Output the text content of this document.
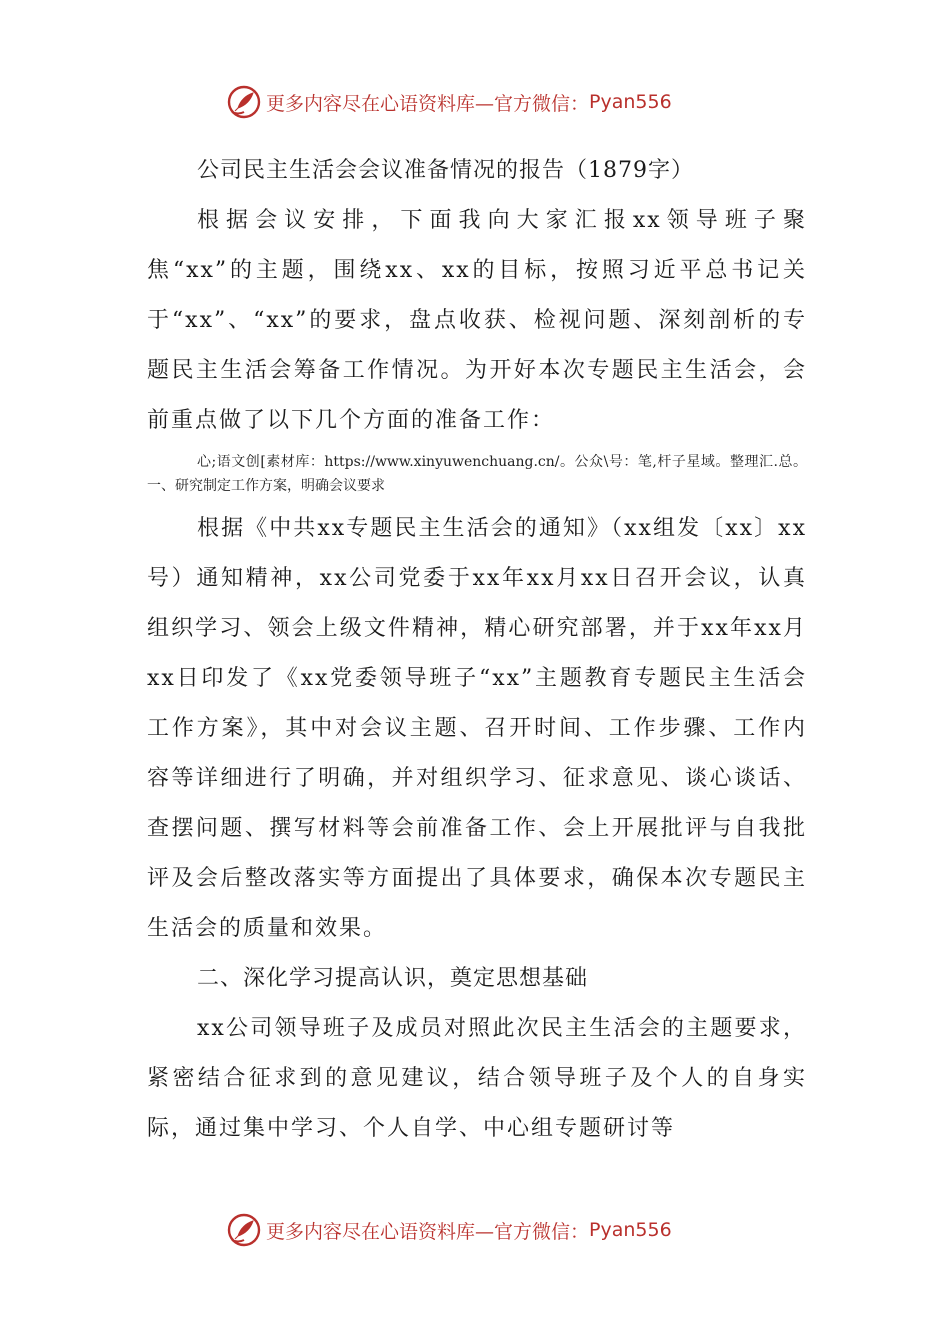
更多内容尽在心语资料库—官方微信： Pyan556
公司民主生活会会议准备情况的报告（1879字）

根据会议安排，下面我向大家汇报xx领导班子聚焦“xx”的主题，围绕xx、xx的目标，按照习近平总书记关于“xx”、“xx”的要求，盘点收获、检视问题、深刻剖析的专题民主生活会筹备工作情况。为开好本次专题民主生活会，会前重点做了以下几个方面的准备工作：

心;语文创[素材库：https://www.xinyuwenchuang.cn/。公众\号：笔,杆子星域。整理汇.总。一、研究制定工作方案，明确会议要求

根据《中共xx专题民主生活会的通知》（xx组发〔xx〕xx号）通知精神，xx公司党委于xx年xx月xx日召开会议，认真组织学习、领会上级文件精神，精心研究部署，并于xx年xx月xx日印发了《xx党委领导班子“xx”主题教育专题民主生活会工作方案》，其中对会议主题、召开时间、工作步骤、工作内容等详细进行了明确，并对组织学习、征求意见、谈心谈话、查摆问题、撰写材料等会前准备工作、会上开展批评与自我批评及会后整改落实等方面提出了具体要求，确保本次专题民主生活会的质量和效果。

二、深化学习提高认识，奠定思想基础

xx公司领导班子及成员对照此次民主生活会的主题要求，紧密结合征求到的意见建议，结合领导班子及个人的自身实际，通过集中学习、个人自学、中心组专题研讨等

更多内容尽在心语资料库—官方微信： Pyan556
